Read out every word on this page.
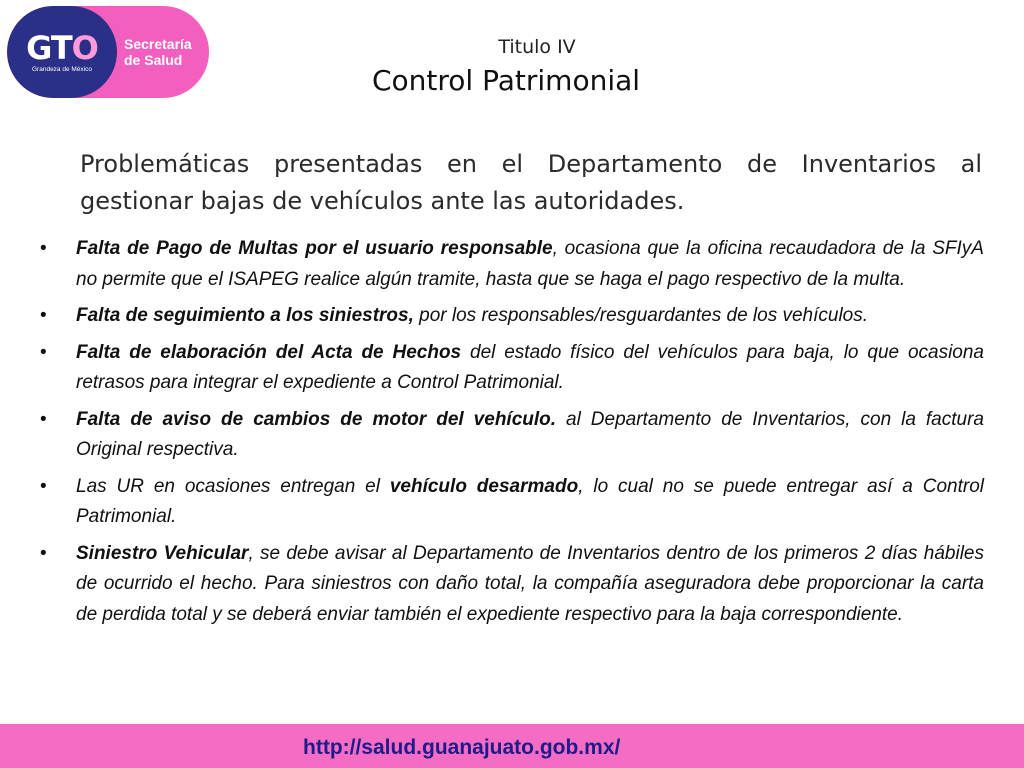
GTO
Grandeza de México
Secretaría
de Salud
Titulo IV
Control Patrimonial
Problemáticas presentadas en el Departamento de Inventarios al gestionar bajas de vehículos ante las autoridades.
•	Falta de Pago de Multas por el usuario responsable, ocasiona que la oficina recaudadora de la SFIyA no permite que el ISAPEG realice algún tramite, hasta que se haga el pago respectivo de la multa.
•	Falta de seguimiento a los siniestros, por los responsables/resguardantes de los vehículos.
•	Falta de elaboración del Acta de Hechos del estado físico del vehículos para baja, lo que ocasiona retrasos para integrar el expediente a Control Patrimonial.
•	Falta de aviso de cambios de motor del vehículo. al Departamento de Inventarios, con la factura Original respectiva.
•	Las UR en ocasiones entregan el vehículo desarmado, lo cual no se puede entregar así a Control Patrimonial.
•	Siniestro Vehicular, se debe avisar al Departamento de Inventarios dentro de los primeros 2 días hábiles de ocurrido el hecho. Para siniestros con daño total, la compañía aseguradora debe proporcionar la carta de perdida total y se deberá enviar también el expediente respectivo para la baja correspondiente.
http://salud.guanajuato.gob.mx/
